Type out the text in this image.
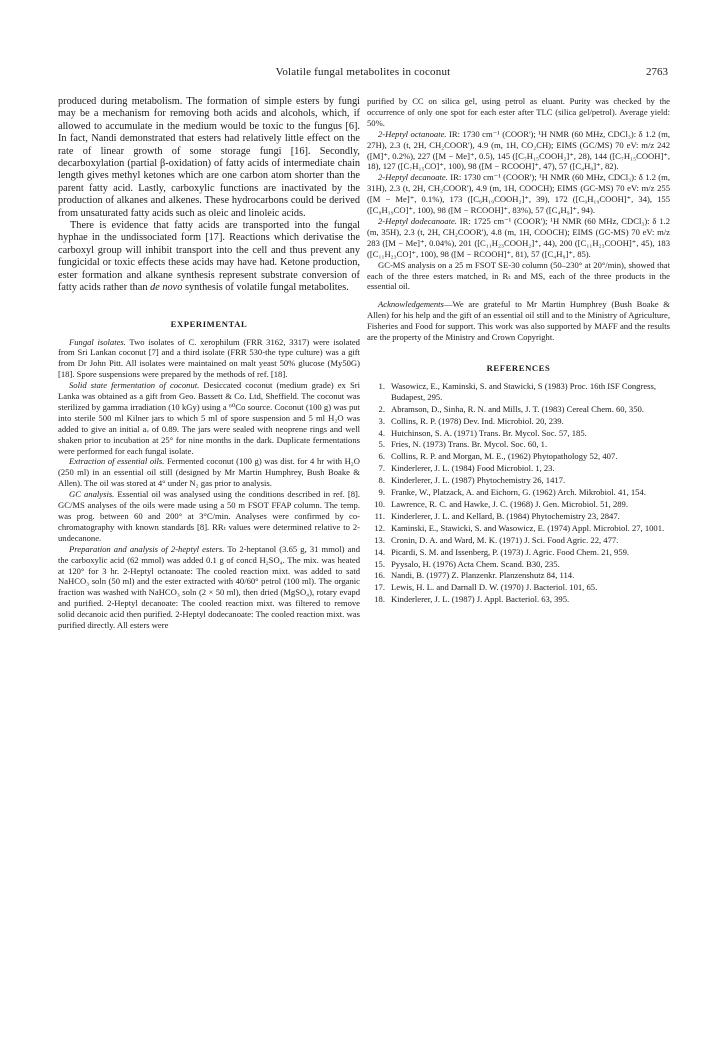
Volatile fungal metabolites in coconut	2763

produced during metabolism. The formation of simple esters by fungi may be a mechanism for removing both acids and alcohols, which, if allowed to accumulate in the medium would be toxic to the fungus [6]. In fact, Nandi demonstrated that esters had relatively little effect on the rate of linear growth of some storage fungi [16]. Secondly, decarboxylation (partial β-oxidation) of fatty acids of intermediate chain length gives methyl ketones which are one carbon atom shorter than the parent fatty acid. Lastly, carboxylic functions are inactivated by the production of alkanes and alkenes. These hydrocarbons could be derived from unsaturated fatty acids such as oleic and linoleic acids.

There is evidence that fatty acids are transported into the fungal hyphae in the undissociated form [17]. Reactions which derivatise the carboxyl group will inhibit transport into the cell and thus prevent any fungicidal or toxic effects these acids may have had. Ketone production, ester formation and alkane synthesis represent substrate conversion of fatty acids rather than de novo synthesis of volatile fungal metabolites.

EXPERIMENTAL

Fungal isolates. Two isolates of C. xerophilum (FRR 3162, 3317) were isolated from Sri Lankan coconut [7] and a third isolate (FRR 530-the type culture) was a gift from Dr John Pitt. All isolates were maintained on malt yeast 50% glucose (My50G) [18]. Spore suspensions were prepared by the methods of ref. [18].

Solid state fermentation of coconut. Desiccated coconut (medium grade) ex Sri Lanka was obtained as a gift from Geo. Bassett & Co. Ltd, Sheffield. The coconut was sterilized by gamma irradiation (10 kGy) using a ⁶⁰Co source. Coconut (100 g) was put into sterile 500 ml Kilner jars to which 5 ml of spore suspension and 5 ml H₂O was added to give an initial aᵥ of 0.89. The jars were sealed with neoprene rings and well shaken prior to incubation at 25° for nine months in the dark. Duplicate fermentations were performed for each fungal isolate.

Extraction of essential oils. Fermented coconut (100 g) was dist. for 4 hr with H₂O (250 ml) in an essential oil still (designed by Mr Martin Humphrey, Bush Boake & Allen). The oil was stored at 4° under N₂ gas prior to analysis.

GC analysis. Essential oil was analysed using the conditions described in ref. [8]. GC/MS analyses of the oils were made using a 50 m FSOT FFAP column. The temp. was prog. between 60 and 200° at 3°C/min. Analyses were confirmed by co-chromatography with known standards [8]. RRₜ values were determined relative to 2-undecanone.

Preparation and analysis of 2-heptyl esters. To 2-heptanol (3.65 g, 31 mmol) and the carboxylic acid (62 mmol) was added 0.1 g of concd H₂SO₄. The mix. was heated at 120° for 3 hr. 2-Heptyl octanoate: The cooled reaction mixt. was added to satd NaHCO₃ soln (50 ml) and the ester extracted with 40/60° petrol (100 ml). The organic fraction was washed with NaHCO₃ soln (2 × 50 ml), then dried (MgSO₄), rotary evapd and purified. 2-Heptyl decanoate: The cooled reaction mixt. was filtered to remove solid decanoic acid then purified. 2-Heptyl dodecanoate: The cooled reaction mixt. was purified directly. All esters were

purified by CC on silica gel, using petrol as eluant. Purity was checked by the occurrence of only one spot for each ester after TLC (silica gel/petrol). Average yield: 50%.

2-Heptyl octanoate. IR: 1730 cm⁻¹ (COOR'); ¹H NMR (60 MHz, CDCl₃): δ 1.2 (m, 27H), 2.3 (t, 2H, CH₂COOR'), 4.9 (m, 1H, CO₂CH); EIMS (GC/MS) 70 eV: m/z 242 ([M]⁺, 0.2%), 227 ([M − Me]⁺, 0.5), 145 ([C₇H₁₅COOH₂]⁺, 28), 144 ([C₇H₁₅COOH]⁺, 18), 127 ([C₇H₁₅CO]⁺, 100), 98 ([M − RCOOH]⁺, 47), 57 ([C₄H₉]⁺, 82).

2-Heptyl decanoate. IR: 1730 cm⁻¹ (COOR'); ¹H NMR (60 MHz, CDCl₃): δ 1.2 (m, 31H), 2.3 (t, 2H, CH₂COOR'), 4.9 (m, 1H, COOCH); EIMS (GC-MS) 70 eV: m/z 255 ([M − Me]⁺, 0.1%), 173 ([C₉H₁₉COOH₂]⁺, 39), 172 ([C₉H₁₉COOH]⁺, 34), 155 ([C₉H₁₉CO]⁺, 100), 98 ([M − RCOOH]⁺, 83%), 57 ([C₄H₉]⁺, 94).

2-Heptyl dodecanoate. IR: 1725 cm⁻¹ (COOR'); ¹H NMR (60 MHz, CDCl₃): δ 1.2 (m, 35H), 2.3 (t, 2H, CH₂COOR'), 4.8 (m, 1H, COOCH); EIMS (GC-MS) 70 eV: m/z 283 ([M − Me]⁺, 0.04%), 201 ([C₁₁H₂₃COOH₂]⁺, 44), 200 ([C₁₁H₂₃COOH]⁺, 45), 183 ([C₁₁H₂₃CO]⁺, 100), 98 ([M − RCOOH]⁺, 81), 57 ([C₄H₉]⁺, 85).

GC-MS analysis on a 25 m FSOT SE-30 column (50–230° at 20°/min), showed that each of the three esters matched, in Rₜ and MS, each of the three products in the essential oil.

Acknowledgements—We are grateful to Mr Martin Humphrey (Bush Boake & Allen) for his help and the gift of an essential oil still and to the Ministry of Agriculture, Fisheries and Food for support. This work was also supported by MAFF and the results are the property of the Ministry and Crown Copyright.

REFERENCES
1. Wasowicz, E., Kaminski, S. and Stawicki, S (1983) Proc. 16th ISF Congress, Budapest, 295.
2. Abramson, D., Sinha, R. N. and Mills, J. T. (1983) Cereal Chem. 60, 350.
3. Collins, R. P. (1978) Dev. Ind. Microbiol. 20, 239.
4. Hutchinson, S. A. (1971) Trans. Br. Mycol. Soc. 57, 185.
5. Fries, N. (1973) Trans. Br. Mycol. Soc. 60, 1.
6. Collins, R. P. and Morgan, M. E., (1962) Phytopathology 52, 407.
7. Kinderlerer, J. L. (1984) Food Microbiol. 1, 23.
8. Kinderlerer, J. L. (1987) Phytochemistry 26, 1417.
9. Franke, W., Platzack, A. and Eichorn, G. (1962) Arch. Mikrobiol. 41, 154.
10. Lawrence, R. C. and Hawke, J. C. (1968) J. Gen. Microbiol. 51, 289.
11. Kinderlerer, J. L. and Kellard, B. (1984) Phytochemistry 23, 2847.
12. Kaminski, E., Stawicki, S. and Wasowicz, E. (1974) Appl. Microbiol. 27, 1001.
13. Cronin, D. A. and Ward, M. K. (1971) J. Sci. Food Agric. 22, 477.
14. Picardi, S. M. and Issenberg, P. (1973) J. Agric. Food Chem. 21, 959.
15. Pyysalo, H. (1976) Acta Chem. Scand. B30, 235.
16. Nandi, B. (1977) Z. Planzenkr. Planzenshutz 84, 114.
17. Lewis, H. L. and Darnall D. W. (1970) J. Bacteriol. 101, 65.
18. Kinderlerer, J. L. (1987) J. Appl. Bacteriol. 63, 395.
